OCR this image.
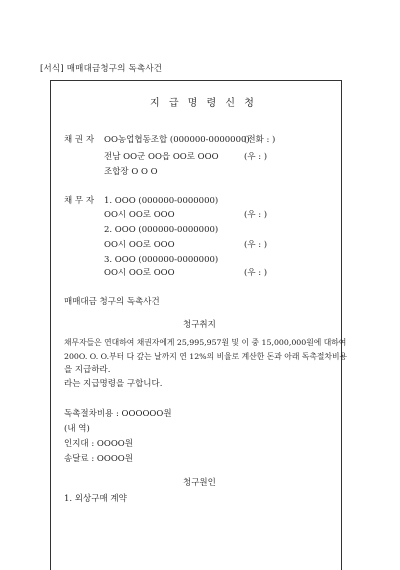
[서식] 매매대금청구의 독촉사건
지 급 명 령 신 청
채 권 자 OO농업협동조합 (000000-0000000)
(전화 : )
전남 OO군 OO읍 OO로 OOO	(우 : )
조합장 O O O
채 무 자 1. OOO (000000-0000000)
OO시 OO로 OOO	(우 : )
2. OOO (000000-0000000)
OO시 OO로 OOO	(우 : )
3. OOO (000000-0000000)
OO시 OO로 OOO	(우 : )
매매대금 청구의 독촉사건
청구취지
채무자들은 연대하여 채권자에게 25,995,957원 및 이 중 15,000,000원에 대하여
200O. O. O.부터 다 갚는 날까지 연 12%의 비율로 계산한 돈과 아래 독촉절차비용
을 지급하라.
라는 지급명령을 구합니다.
독촉절차비용 : OOOOOO원
(내 역)
인지대 : OOOO원
송달료 : OOOO원
청구원인
1. 외상구매 계약
